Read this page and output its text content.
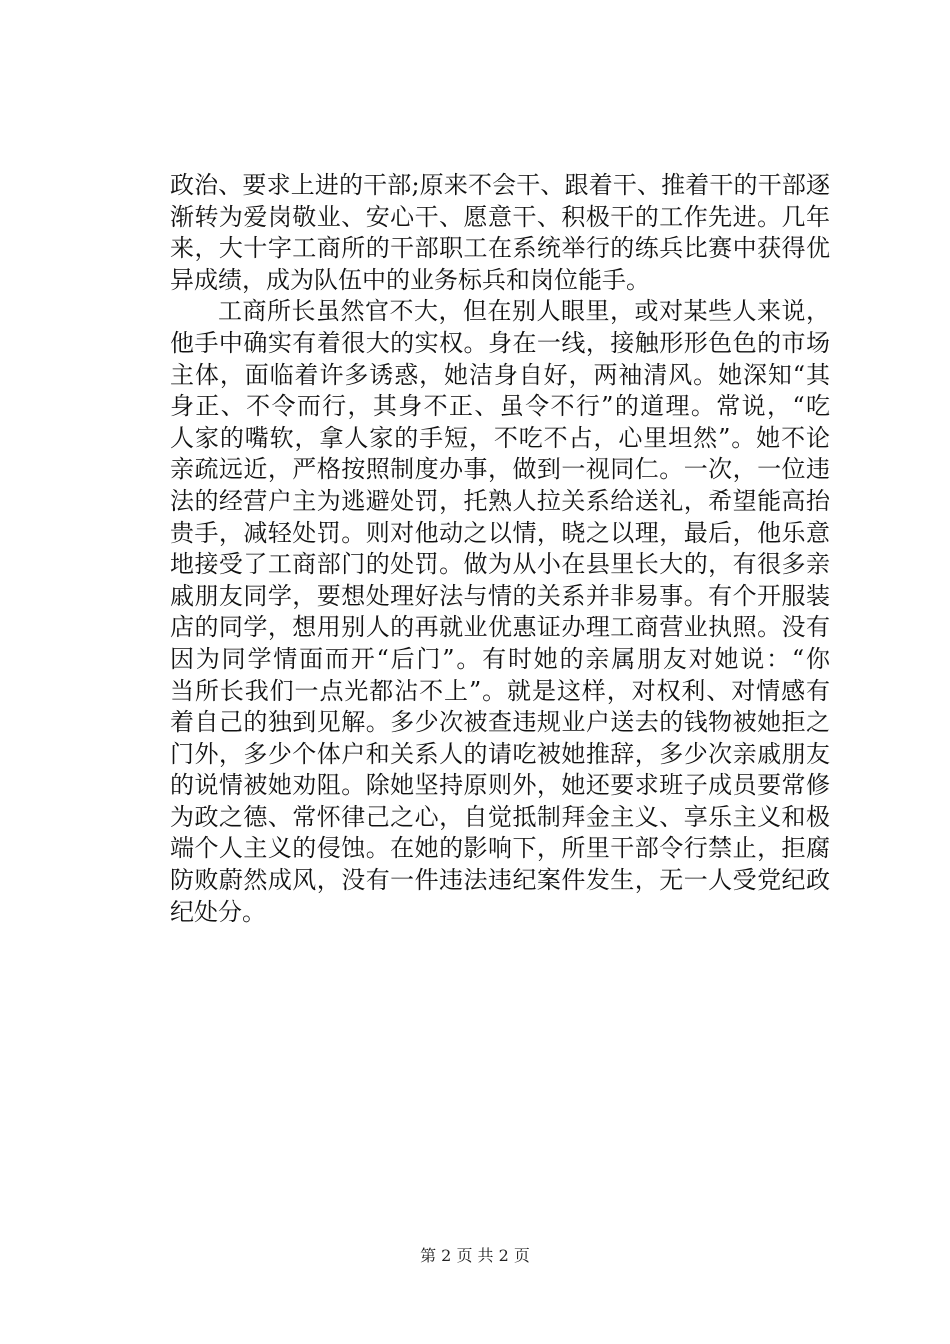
政治、要求上进的干部;原来不会干、跟着干、推着干的干部逐
渐转为爱岗敬业、安心干、愿意干、积极干的工作先进。几年
来，大十字工商所的干部职工在系统举行的练兵比赛中获得优
异成绩，成为队伍中的业务标兵和岗位能手。
工商所长虽然官不大，但在别人眼里，或对某些人来说，
他手中确实有着很大的实权。身在一线，接触形形色色的市场
主体，面临着许多诱惑，她洁身自好，两袖清风。她深知“其
身正、不令而行，其身不正、虽令不行”的道理。常说，“吃
人家的嘴软，拿人家的手短，不吃不占，心里坦然”。她不论
亲疏远近，严格按照制度办事，做到一视同仁。一次，一位违
法的经营户主为逃避处罚，托熟人拉关系给送礼，希望能高抬
贵手，减轻处罚。则对他动之以情，晓之以理，最后，他乐意
地接受了工商部门的处罚。做为从小在县里长大的，有很多亲
戚朋友同学，要想处理好法与情的关系并非易事。有个开服装
店的同学，想用别人的再就业优惠证办理工商营业执照。没有
因为同学情面而开“后门”。有时她的亲属朋友对她说：“你
当所长我们一点光都沾不上”。就是这样，对权利、对情感有
着自己的独到见解。多少次被查违规业户送去的钱物被她拒之
门外，多少个体户和关系人的请吃被她推辞，多少次亲戚朋友
的说情被她劝阻。除她坚持原则外，她还要求班子成员要常修
为政之德、常怀律己之心，自觉抵制拜金主义、享乐主义和极
端个人主义的侵蚀。在她的影响下，所里干部令行禁止，拒腐
防败蔚然成风，没有一件违法违纪案件发生，无一人受党纪政
纪处分。
第 2 页 共 2 页
